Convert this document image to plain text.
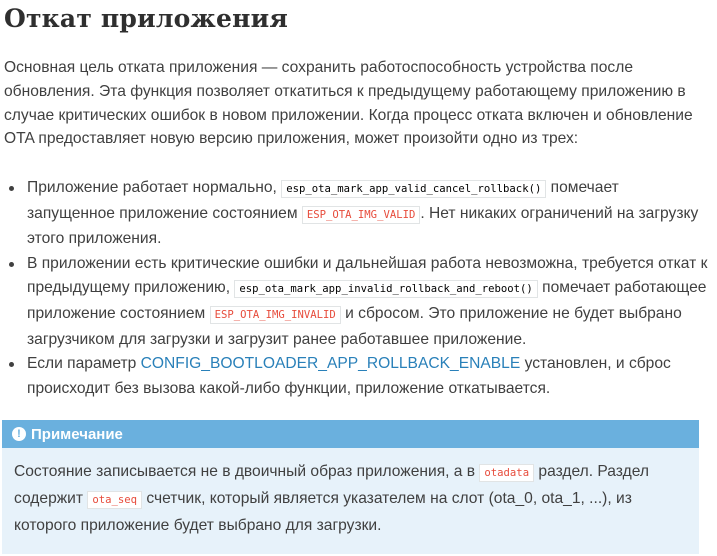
Откат приложения

Основная цель отката приложения — сохранить работоспособность устройства после обновления. Эта функция позволяет откатиться к предыдущему работающему приложению в случае критических ошибок в новом приложении. Когда процесс отката включен и обновление OTA предоставляет новую версию приложения, может произойти одно из трех:

Приложение работает нормально, esp_ota_mark_app_valid_cancel_rollback() помечает запущенное приложение состоянием ESP_OTA_IMG_VALID . Нет никаких ограничений на загрузку этого приложения.
В приложении есть критические ошибки и дальнейшая работа невозможна, требуется откат к предыдущему приложению, esp_ota_mark_app_invalid_rollback_and_reboot() помечает работающее приложение состоянием ESP_OTA_IMG_INVALID и сбросом. Это приложение не будет выбрано загрузчиком для загрузки и загрузит ранее работавшее приложение.
Если параметр CONFIG_BOOTLOADER_APP_ROLLBACK_ENABLE установлен, и сброс происходит без вызова какой-либо функции, приложение откатывается.
! Примечание
Состояние записывается не в двоичный образ приложения, а в otadata раздел. Раздел содержит ota_seq счетчик, который является указателем на слот (ota_0, ota_1, ...), из которого приложение будет выбрано для загрузки.
